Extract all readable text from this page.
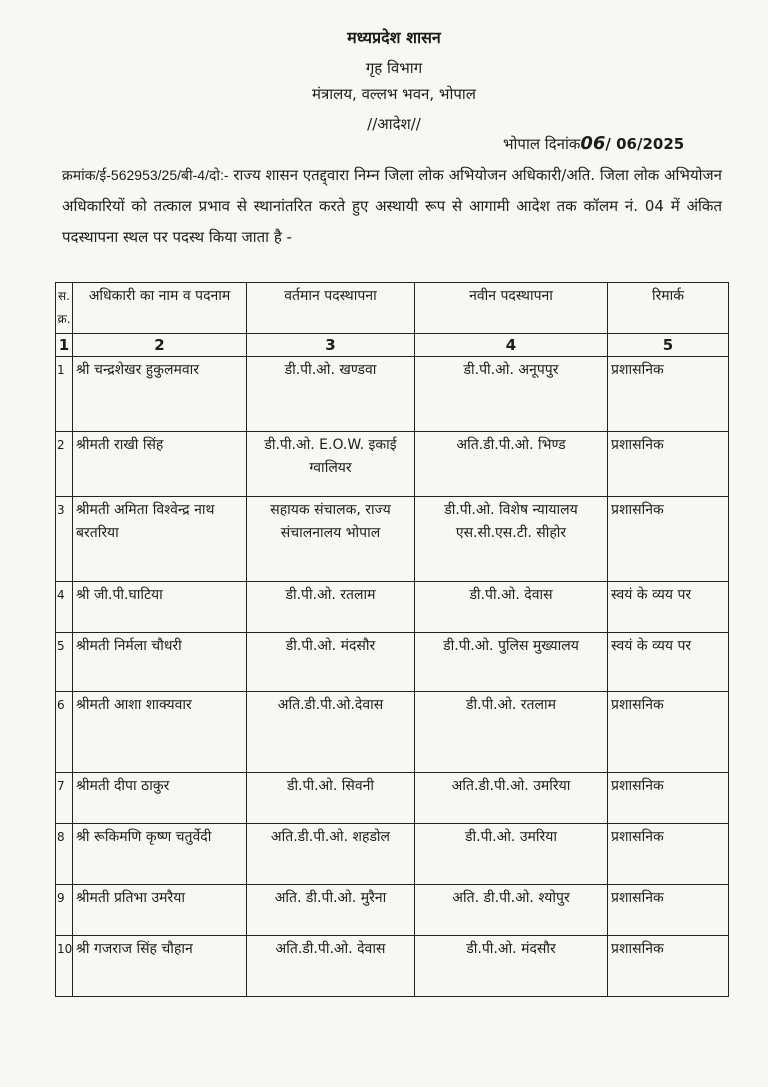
मध्यप्रदेश शासन
गृह विभाग
मंत्रालय, वल्लभ भवन, भोपाल
//आदेश//
भोपाल दिनांक06/ 06/2025
क्रमांक/ई-562953/25/बी-4/दो:- राज्य शासन एतद्द्वारा निम्न जिला लोक अभियोजन अधिकारी/अति. जिला लोक अभियोजन अधिकारियों को तत्काल प्रभाव से स्थानांतरित करते हुए अस्थायी रूप से आगामी आदेश तक कॉलम नं. 04 में अंकित पदस्थापना स्थल पर पदस्थ किया जाता है -
स. क्र.	अधिकारी का नाम व पदनाम	वर्तमान पदस्थापना	नवीन पदस्थापना	रिमार्क
1	2	3	4	5
1	श्री चन्द्रशेखर हुकुलमवार	डी.पी.ओ. खण्डवा	डी.पी.ओ. अनूपपुर	प्रशासनिक
2	श्रीमती राखी सिंह	डी.पी.ओ. E.O.W. इकाई ग्वालियर	अति.डी.पी.ओ. भिण्ड	प्रशासनिक
3	श्रीमती अमिता विश्वेन्द्र नाथ बरतरिया	सहायक संचालक, राज्य संचालनालय भोपाल	डी.पी.ओ. विशेष न्यायालय एस.सी.एस.टी. सीहोर	प्रशासनिक
4	श्री जी.पी.घाटिया	डी.पी.ओ. रतलाम	डी.पी.ओ. देवास	स्वयं के व्यय पर
5	श्रीमती निर्मला चौधरी	डी.पी.ओ. मंदसौर	डी.पी.ओ. पुलिस मुख्यालय	स्वयं के व्यय पर
6	श्रीमती आशा शाक्यवार	अति.डी.पी.ओ.देवास	डी.पी.ओ. रतलाम	प्रशासनिक
7	श्रीमती दीपा ठाकुर	डी.पी.ओ. सिवनी	अति.डी.पी.ओ. उमरिया	प्रशासनिक
8	श्री रूकिमणि कृष्ण चतुर्वेदी	अति.डी.पी.ओ. शहडोल	डी.पी.ओ. उमरिया	प्रशासनिक
9	श्रीमती प्रतिभा उमरैया	अति. डी.पी.ओ. मुरैना	अति. डी.पी.ओ. श्योपुर	प्रशासनिक
10	श्री गजराज सिंह चौहान	अति.डी.पी.ओ. देवास	डी.पी.ओ. मंदसौर	प्रशासनिक
